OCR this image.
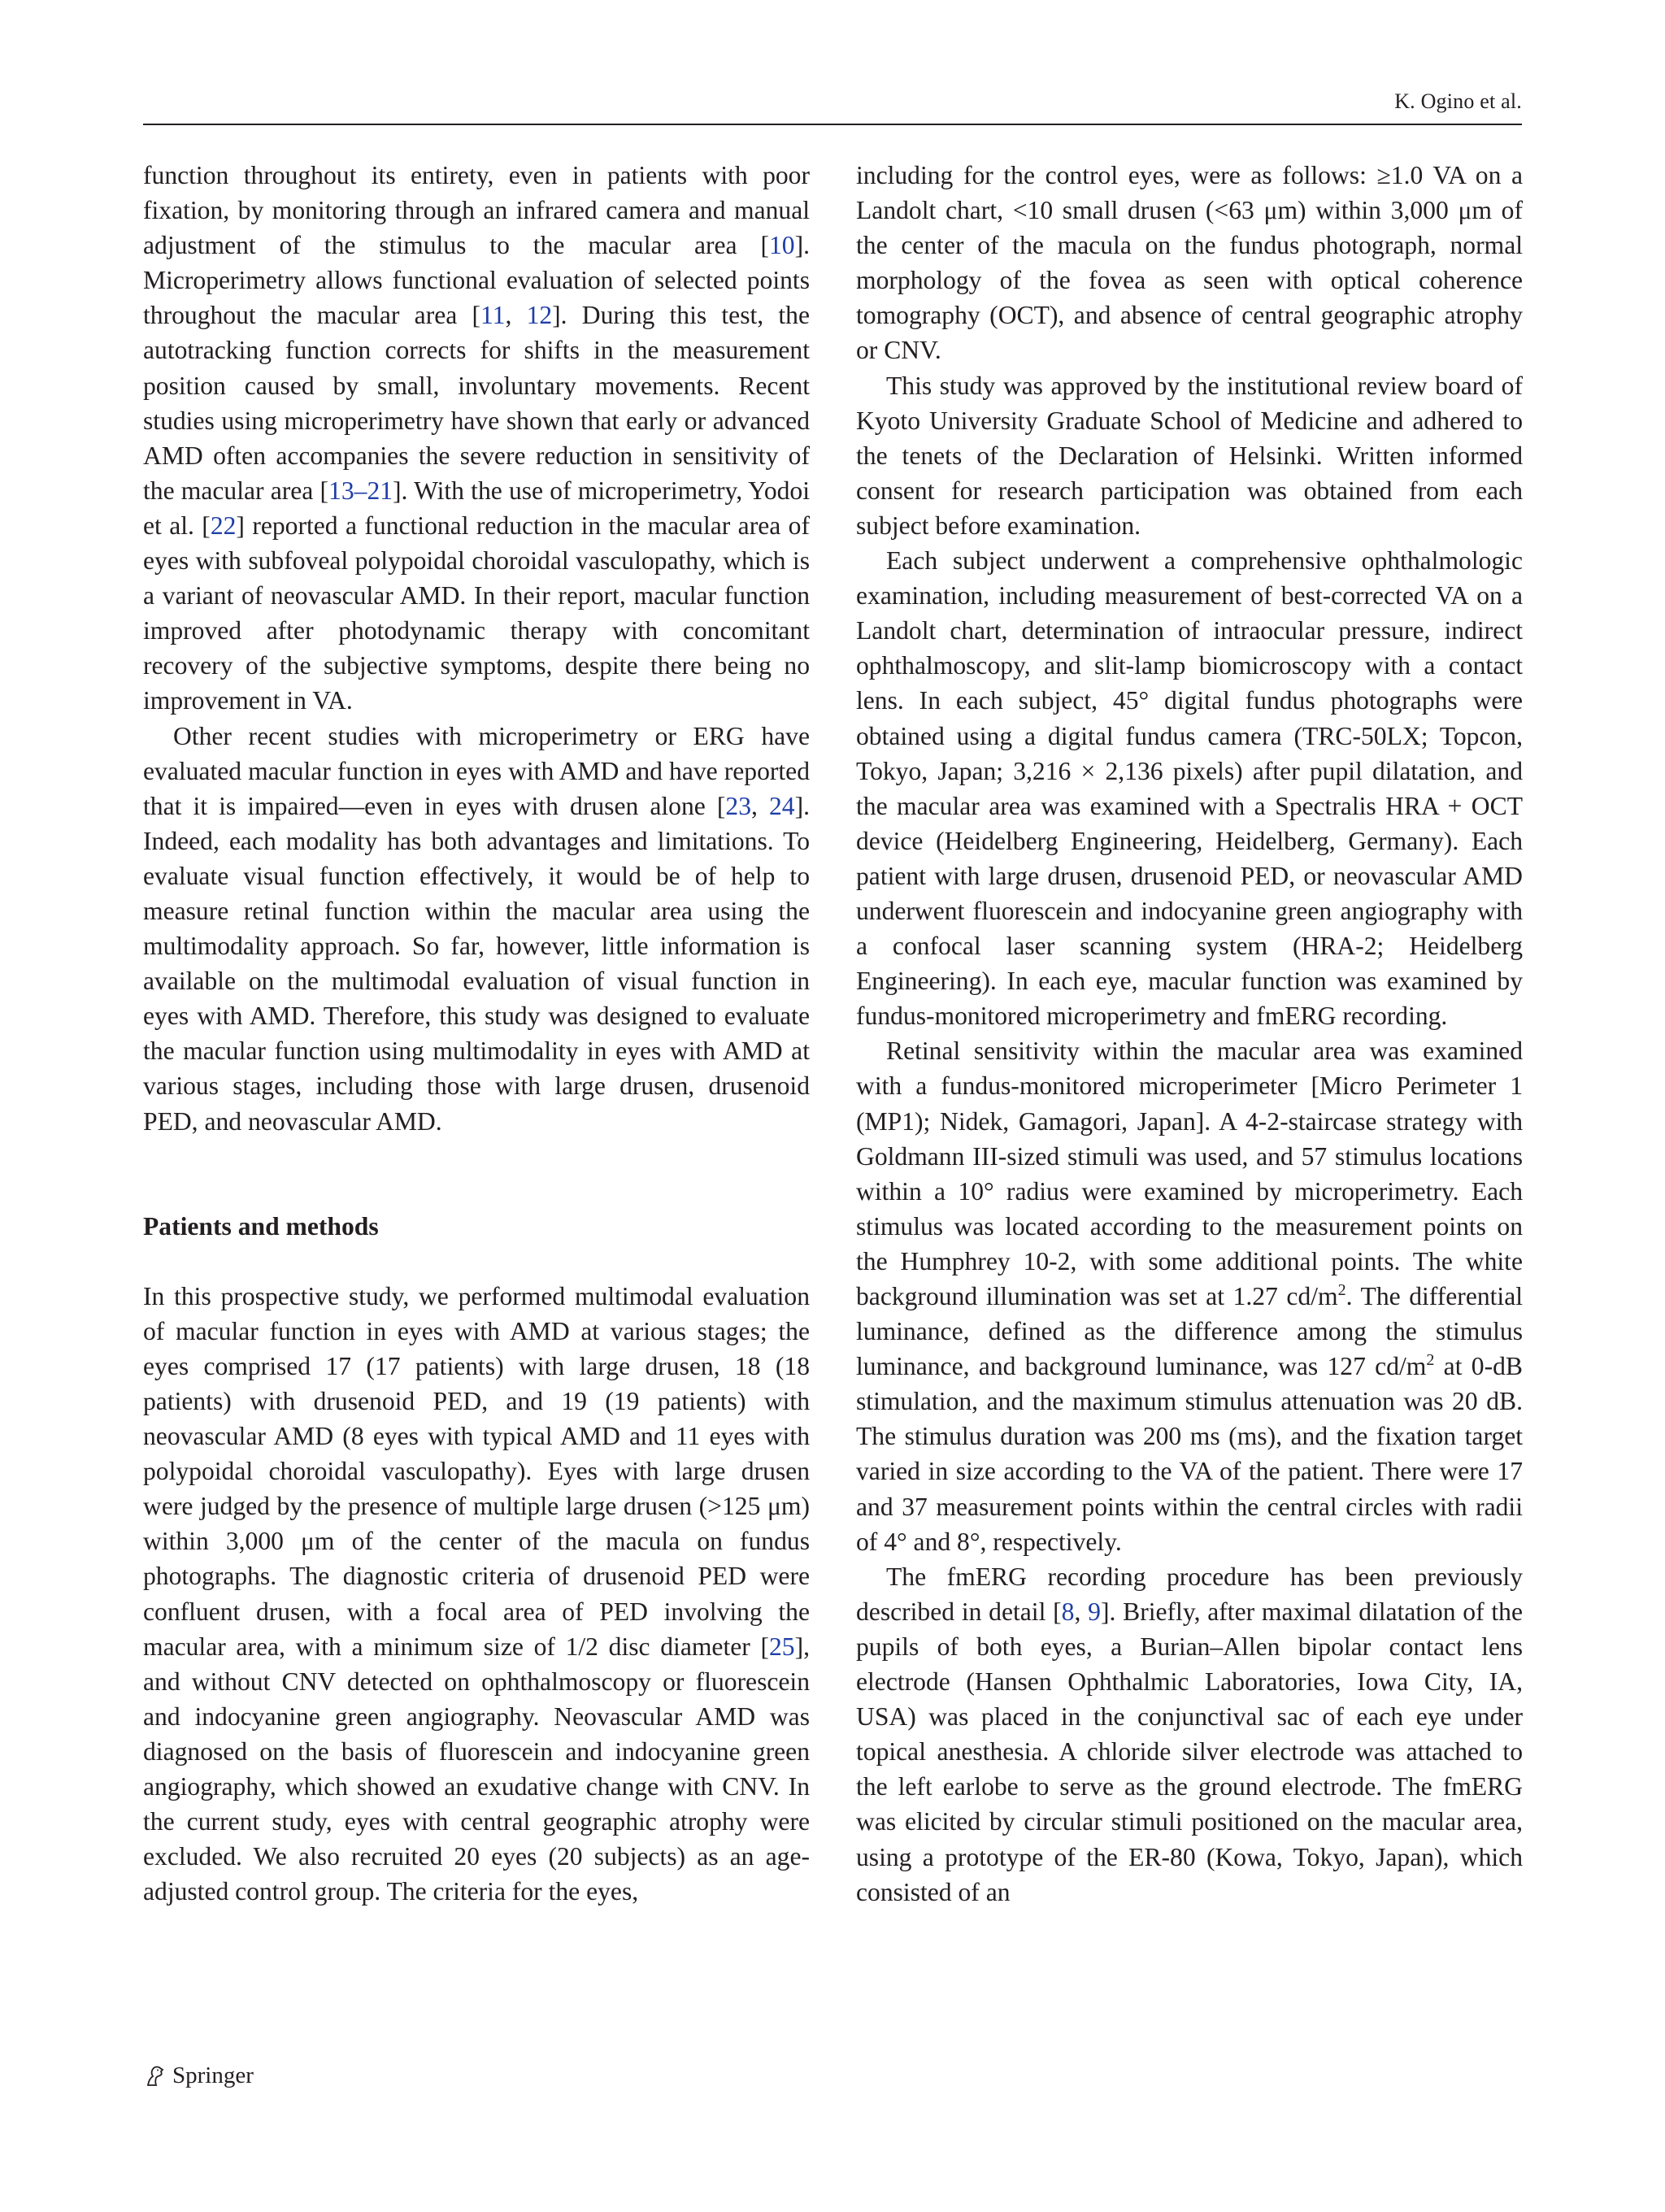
K. Ogino et al.

function throughout its entirety, even in patients with poor fixation, by monitoring through an infrared camera and manual adjustment of the stimulus to the macular area [10]. Microperimetry allows functional evaluation of selected points throughout the macular area [11, 12]. During this test, the autotracking function corrects for shifts in the measurement position caused by small, involuntary movements. Recent studies using microperimetry have shown that early or advanced AMD often accompanies the severe reduction in sensitivity of the macular area [13–21]. With the use of microperimetry, Yodoi et al. [22] reported a functional reduction in the macular area of eyes with subfoveal polypoidal choroidal vasculopathy, which is a variant of neovascular AMD. In their report, macular function improved after photodynamic therapy with concomitant recovery of the subjective symptoms, despite there being no improvement in VA.

Other recent studies with microperimetry or ERG have evaluated macular function in eyes with AMD and have reported that it is impaired—even in eyes with drusen alone [23, 24]. Indeed, each modality has both advantages and limitations. To evaluate visual function effectively, it would be of help to measure retinal function within the macular area using the multimodality approach. So far, however, little information is available on the multimodal evaluation of visual function in eyes with AMD. Therefore, this study was designed to evaluate the macular function using multimodality in eyes with AMD at various stages, including those with large drusen, drusenoid PED, and neovascular AMD.

Patients and methods

In this prospective study, we performed multimodal evaluation of macular function in eyes with AMD at various stages; the eyes comprised 17 (17 patients) with large drusen, 18 (18 patients) with drusenoid PED, and 19 (19 patients) with neovascular AMD (8 eyes with typical AMD and 11 eyes with polypoidal choroidal vasculopathy). Eyes with large drusen were judged by the presence of multiple large drusen (>125 μm) within 3,000 μm of the center of the macula on fundus photographs. The diagnostic criteria of drusenoid PED were confluent drusen, with a focal area of PED involving the macular area, with a minimum size of 1/2 disc diameter [25], and without CNV detected on ophthalmoscopy or fluorescein and indocyanine green angiography. Neovascular AMD was diagnosed on the basis of fluorescein and indocyanine green angiography, which showed an exudative change with CNV. In the current study, eyes with central geographic atrophy were excluded. We also recruited 20 eyes (20 subjects) as an age-adjusted control group. The criteria for the eyes,

including for the control eyes, were as follows: ≥1.0 VA on a Landolt chart, <10 small drusen (<63 μm) within 3,000 μm of the center of the macula on the fundus photograph, normal morphology of the fovea as seen with optical coherence tomography (OCT), and absence of central geographic atrophy or CNV.

This study was approved by the institutional review board of Kyoto University Graduate School of Medicine and adhered to the tenets of the Declaration of Helsinki. Written informed consent for research participation was obtained from each subject before examination.

Each subject underwent a comprehensive ophthalmologic examination, including measurement of best-corrected VA on a Landolt chart, determination of intraocular pressure, indirect ophthalmoscopy, and slit-lamp biomicroscopy with a contact lens. In each subject, 45° digital fundus photographs were obtained using a digital fundus camera (TRC-50LX; Topcon, Tokyo, Japan; 3,216 × 2,136 pixels) after pupil dilatation, and the macular area was examined with a Spectralis HRA + OCT device (Heidelberg Engineering, Heidelberg, Germany). Each patient with large drusen, drusenoid PED, or neovascular AMD underwent fluorescein and indocyanine green angiography with a confocal laser scanning system (HRA-2; Heidelberg Engineering). In each eye, macular function was examined by fundus-monitored microperimetry and fmERG recording.

Retinal sensitivity within the macular area was examined with a fundus-monitored microperimeter [Micro Perimeter 1 (MP1); Nidek, Gamagori, Japan]. A 4-2-staircase strategy with Goldmann III-sized stimuli was used, and 57 stimulus locations within a 10° radius were examined by microperimetry. Each stimulus was located according to the measurement points on the Humphrey 10-2, with some additional points. The white background illumination was set at 1.27 $cd/m^2$. The differential luminance, defined as the difference among the stimulus luminance, and background luminance, was 127 $cd/m^2$ at 0-dB stimulation, and the maximum stimulus attenuation was 20 dB. The stimulus duration was 200 ms (ms), and the fixation target varied in size according to the VA of the patient. There were 17 and 37 measurement points within the central circles with radii of 4° and 8°, respectively.

The fmERG recording procedure has been previously described in detail [8, 9]. Briefly, after maximal dilatation of the pupils of both eyes, a Burian–Allen bipolar contact lens electrode (Hansen Ophthalmic Laboratories, Iowa City, IA, USA) was placed in the conjunctival sac of each eye under topical anesthesia. A chloride silver electrode was attached to the left earlobe to serve as the ground electrode. The fmERG was elicited by circular stimuli positioned on the macular area, using a prototype of the ER-80 (Kowa, Tokyo, Japan), which consisted of an

Springer
